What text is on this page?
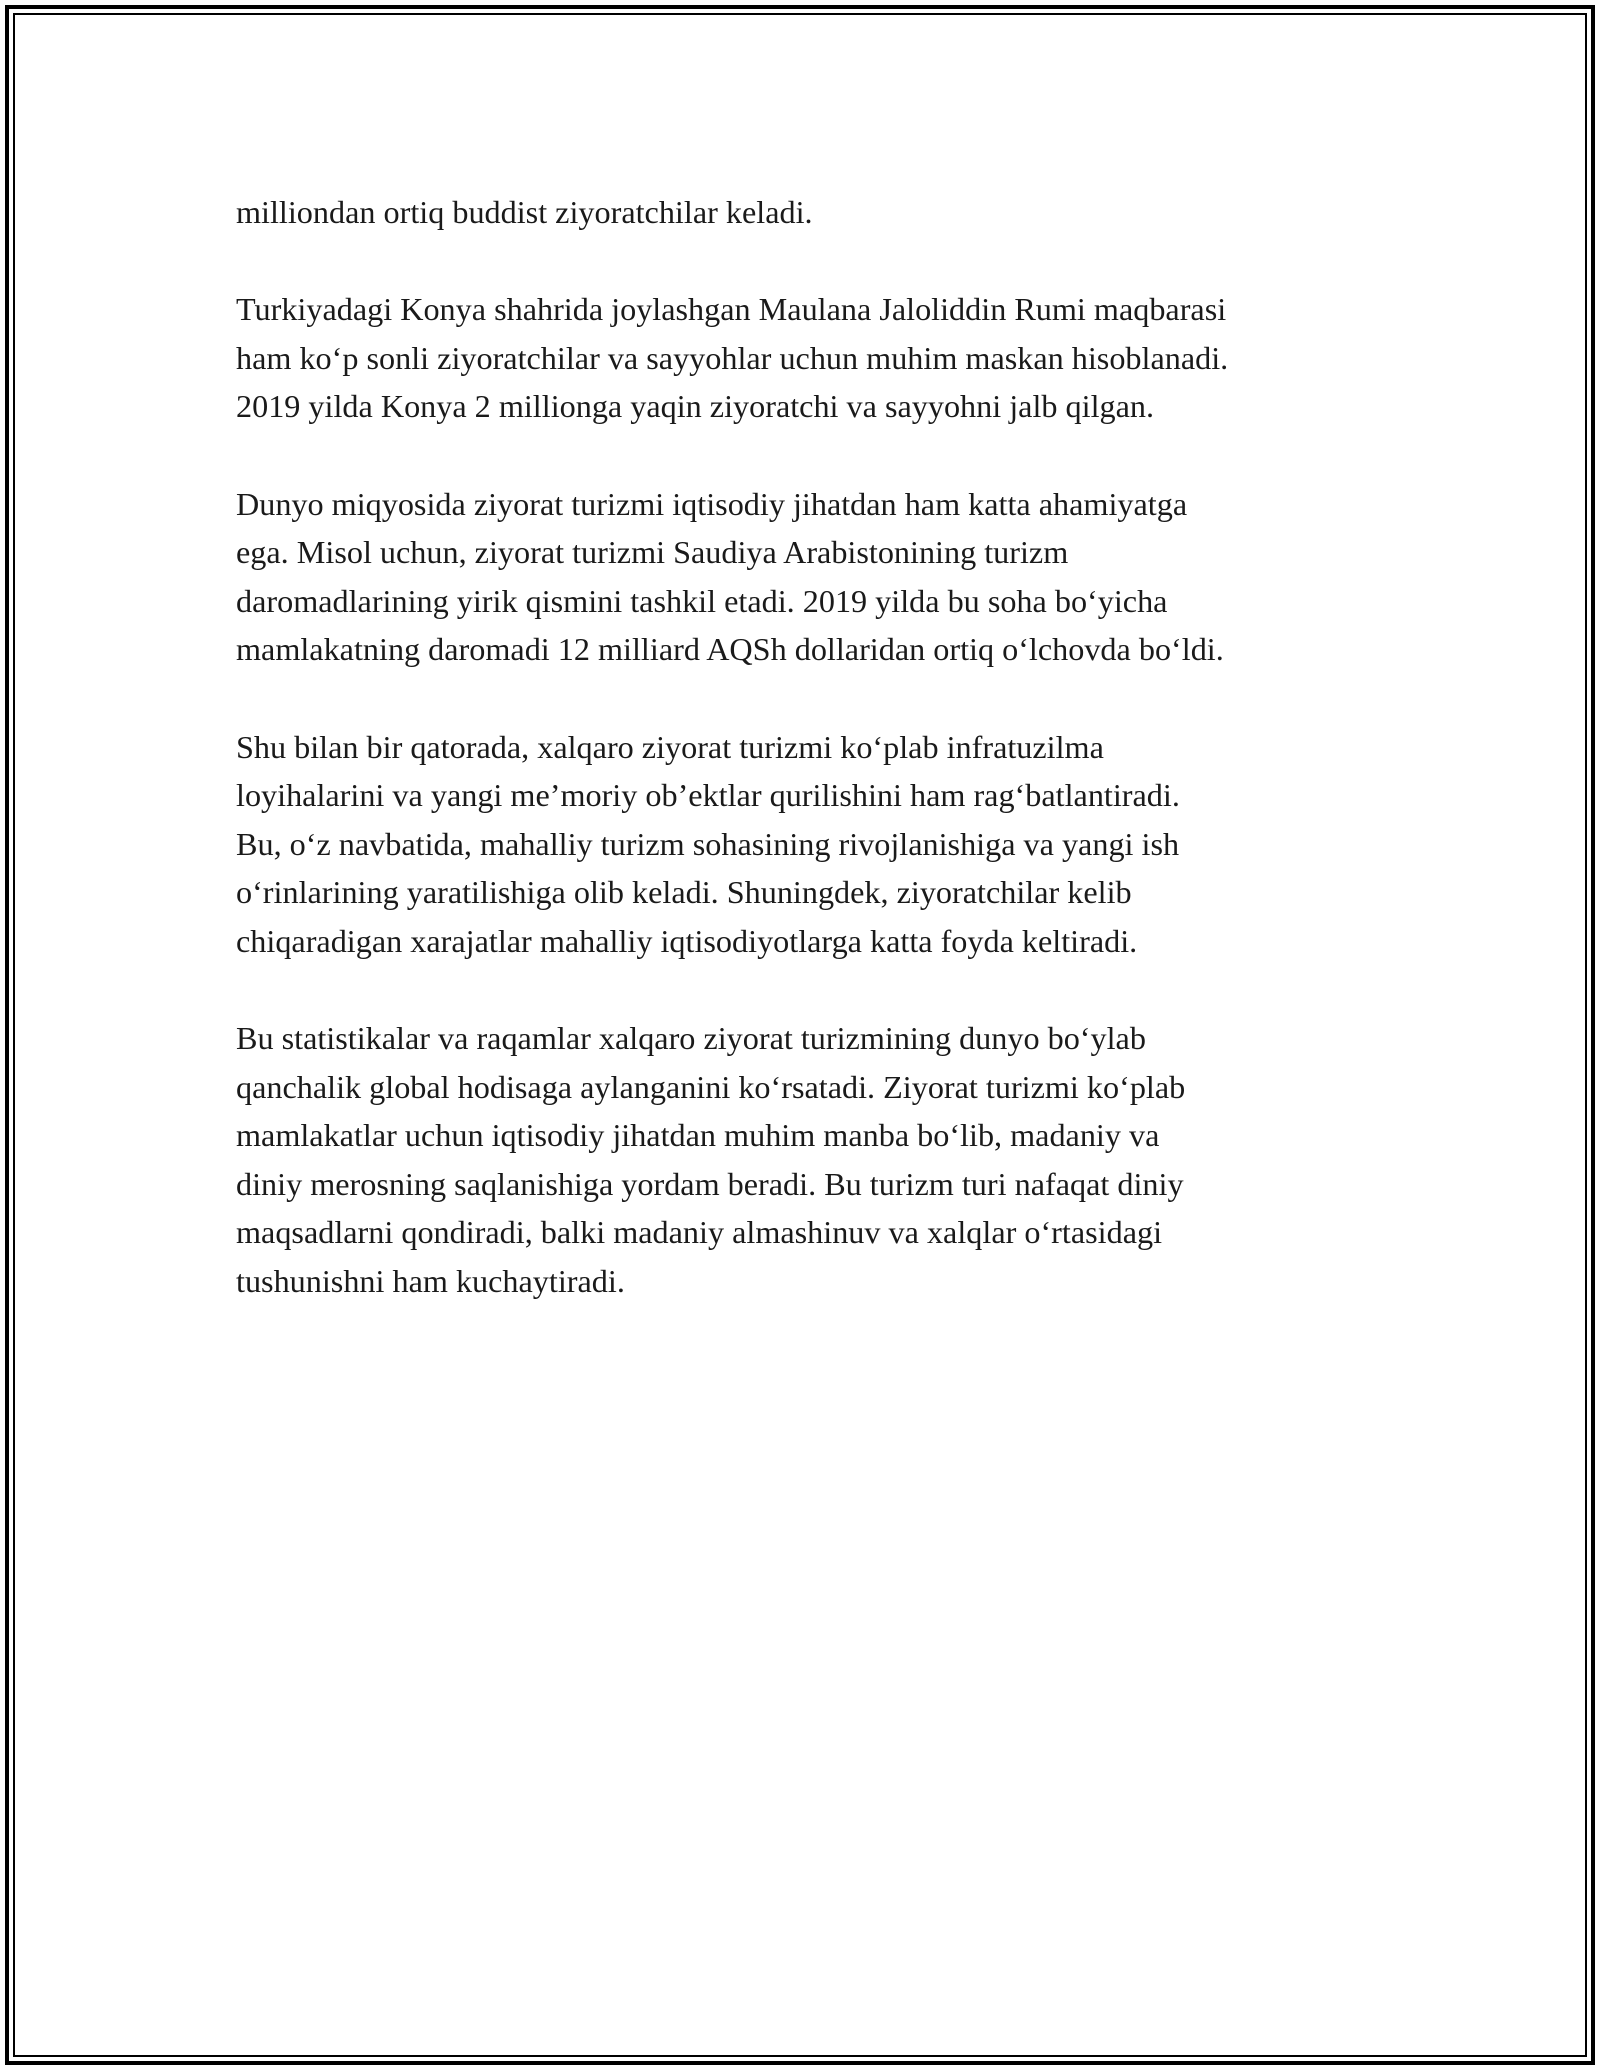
milliondan ortiq buddist ziyoratchilar keladi.

Turkiyadagi Konya shahrida joylashgan Maulana Jaloliddin Rumi maqbarasi
ham ko‘p sonli ziyoratchilar va sayyohlar uchun muhim maskan hisoblanadi.
2019 yilda Konya 2 millionga yaqin ziyoratchi va sayyohni jalb qilgan.

Dunyo miqyosida ziyorat turizmi iqtisodiy jihatdan ham katta ahamiyatga
ega. Misol uchun, ziyorat turizmi Saudiya Arabistonining turizm
daromadlarining yirik qismini tashkil etadi. 2019 yilda bu soha bo‘yicha
mamlakatning daromadi 12 milliard AQSh dollaridan ortiq o‘lchovda bo‘ldi.

Shu bilan bir qatorada, xalqaro ziyorat turizmi ko‘plab infratuzilma
loyihalarini va yangi me’moriy ob’ektlar qurilishini ham rag‘batlantiradi.
Bu, o‘z navbatida, mahalliy turizm sohasining rivojlanishiga va yangi ish
o‘rinlarining yaratilishiga olib keladi. Shuningdek, ziyoratchilar kelib
chiqaradigan xarajatlar mahalliy iqtisodiyotlarga katta foyda keltiradi.

Bu statistikalar va raqamlar xalqaro ziyorat turizmining dunyo bo‘ylab
qanchalik global hodisaga aylanganini ko‘rsatadi. Ziyorat turizmi ko‘plab
mamlakatlar uchun iqtisodiy jihatdan muhim manba bo‘lib, madaniy va
diniy merosning saqlanishiga yordam beradi. Bu turizm turi nafaqat diniy
maqsadlarni qondiradi, balki madaniy almashinuv va xalqlar o‘rtasidagi
tushunishni ham kuchaytiradi.
